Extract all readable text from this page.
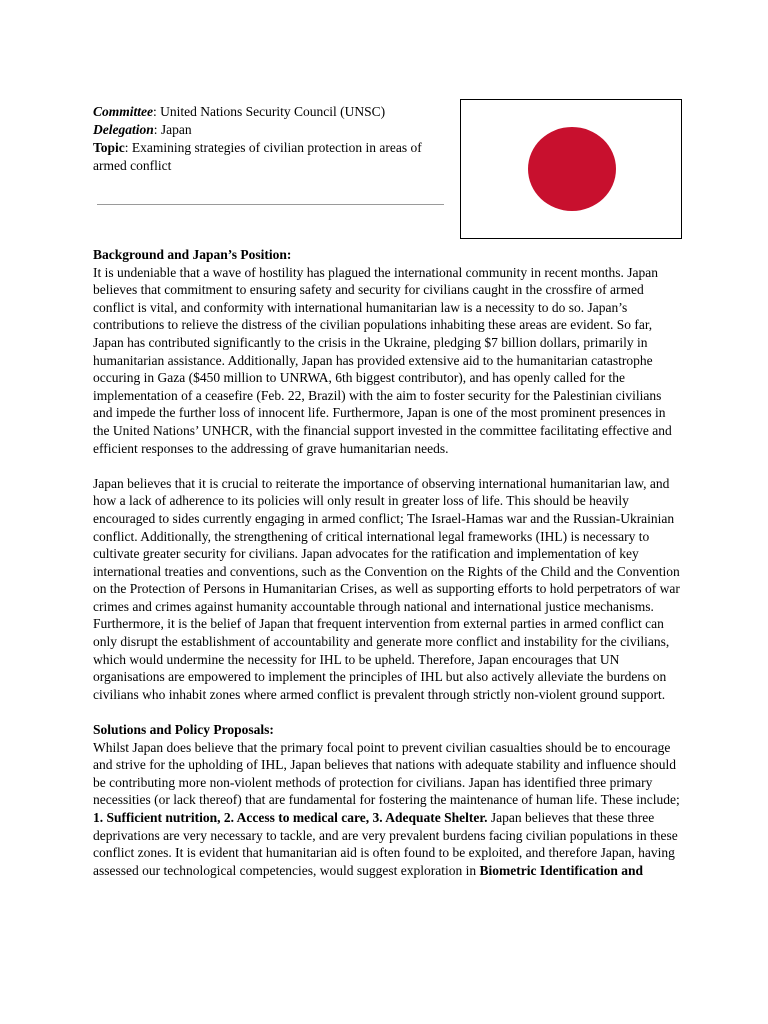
Committee: United Nations Security Council (UNSC)
Delegation: Japan
Topic: Examining strategies of civilian protection in areas of armed conflict

Background and Japan’s Position:

It is undeniable that a wave of hostility has plagued the international community in recent months. Japan believes that commitment to ensuring safety and security for civilians caught in the crossfire of armed conflict is vital, and conformity with international humanitarian law is a necessity to do so. Japan’s contributions to relieve the distress of the civilian populations inhabiting these areas are evident. So far, Japan has contributed significantly to the crisis in the Ukraine, pledging $7 billion dollars, primarily in humanitarian assistance. Additionally, Japan has provided extensive aid to the humanitarian catastrophe occuring in Gaza ($450 million to UNRWA, 6th biggest contributor), and has openly called for the implementation of a ceasefire (Feb. 22, Brazil) with the aim to foster security for the Palestinian civilians and impede the further loss of innocent life. Furthermore, Japan is one of the most prominent presences in the United Nations’ UNHCR, with the financial support invested in the committee facilitating effective and efficient responses to the addressing of grave humanitarian needs.

Japan believes that it is crucial to reiterate the importance of observing international humanitarian law, and how a lack of adherence to its policies will only result in greater loss of life. This should be heavily encouraged to sides currently engaging in armed conflict; The Israel-Hamas war and the Russian-Ukrainian conflict. Additionally, the strengthening of critical international legal frameworks (IHL) is necessary to cultivate greater security for civilians. Japan advocates for the ratification and implementation of key international treaties and conventions, such as the Convention on the Rights of the Child and the Convention on the Protection of Persons in Humanitarian Crises, as well as supporting efforts to hold perpetrators of war crimes and crimes against humanity accountable through national and international justice mechanisms. Furthermore, it is the belief of Japan that frequent intervention from external parties in armed conflict can only disrupt the establishment of accountability and generate more conflict and instability for the civilians, which would undermine the necessity for IHL to be upheld. Therefore, Japan encourages that UN organisations are empowered to implement the principles of IHL but also actively alleviate the burdens on civilians who inhabit zones where armed conflict is prevalent through strictly non-violent ground support.

Solutions and Policy Proposals:

Whilst Japan does believe that the primary focal point to prevent civilian casualties should be to encourage and strive for the upholding of IHL, Japan believes that nations with adequate stability and influence should be contributing more non-violent methods of protection for civilians. Japan has identified three primary necessities (or lack thereof) that are fundamental for fostering the maintenance of human life. These include; 1. Sufficient nutrition, 2. Access to medical care, 3. Adequate Shelter. Japan believes that these three deprivations are very necessary to tackle, and are very prevalent burdens facing civilian populations in these conflict zones. It is evident that humanitarian aid is often found to be exploited, and therefore Japan, having assessed our technological competencies, would suggest exploration in Biometric Identification and
